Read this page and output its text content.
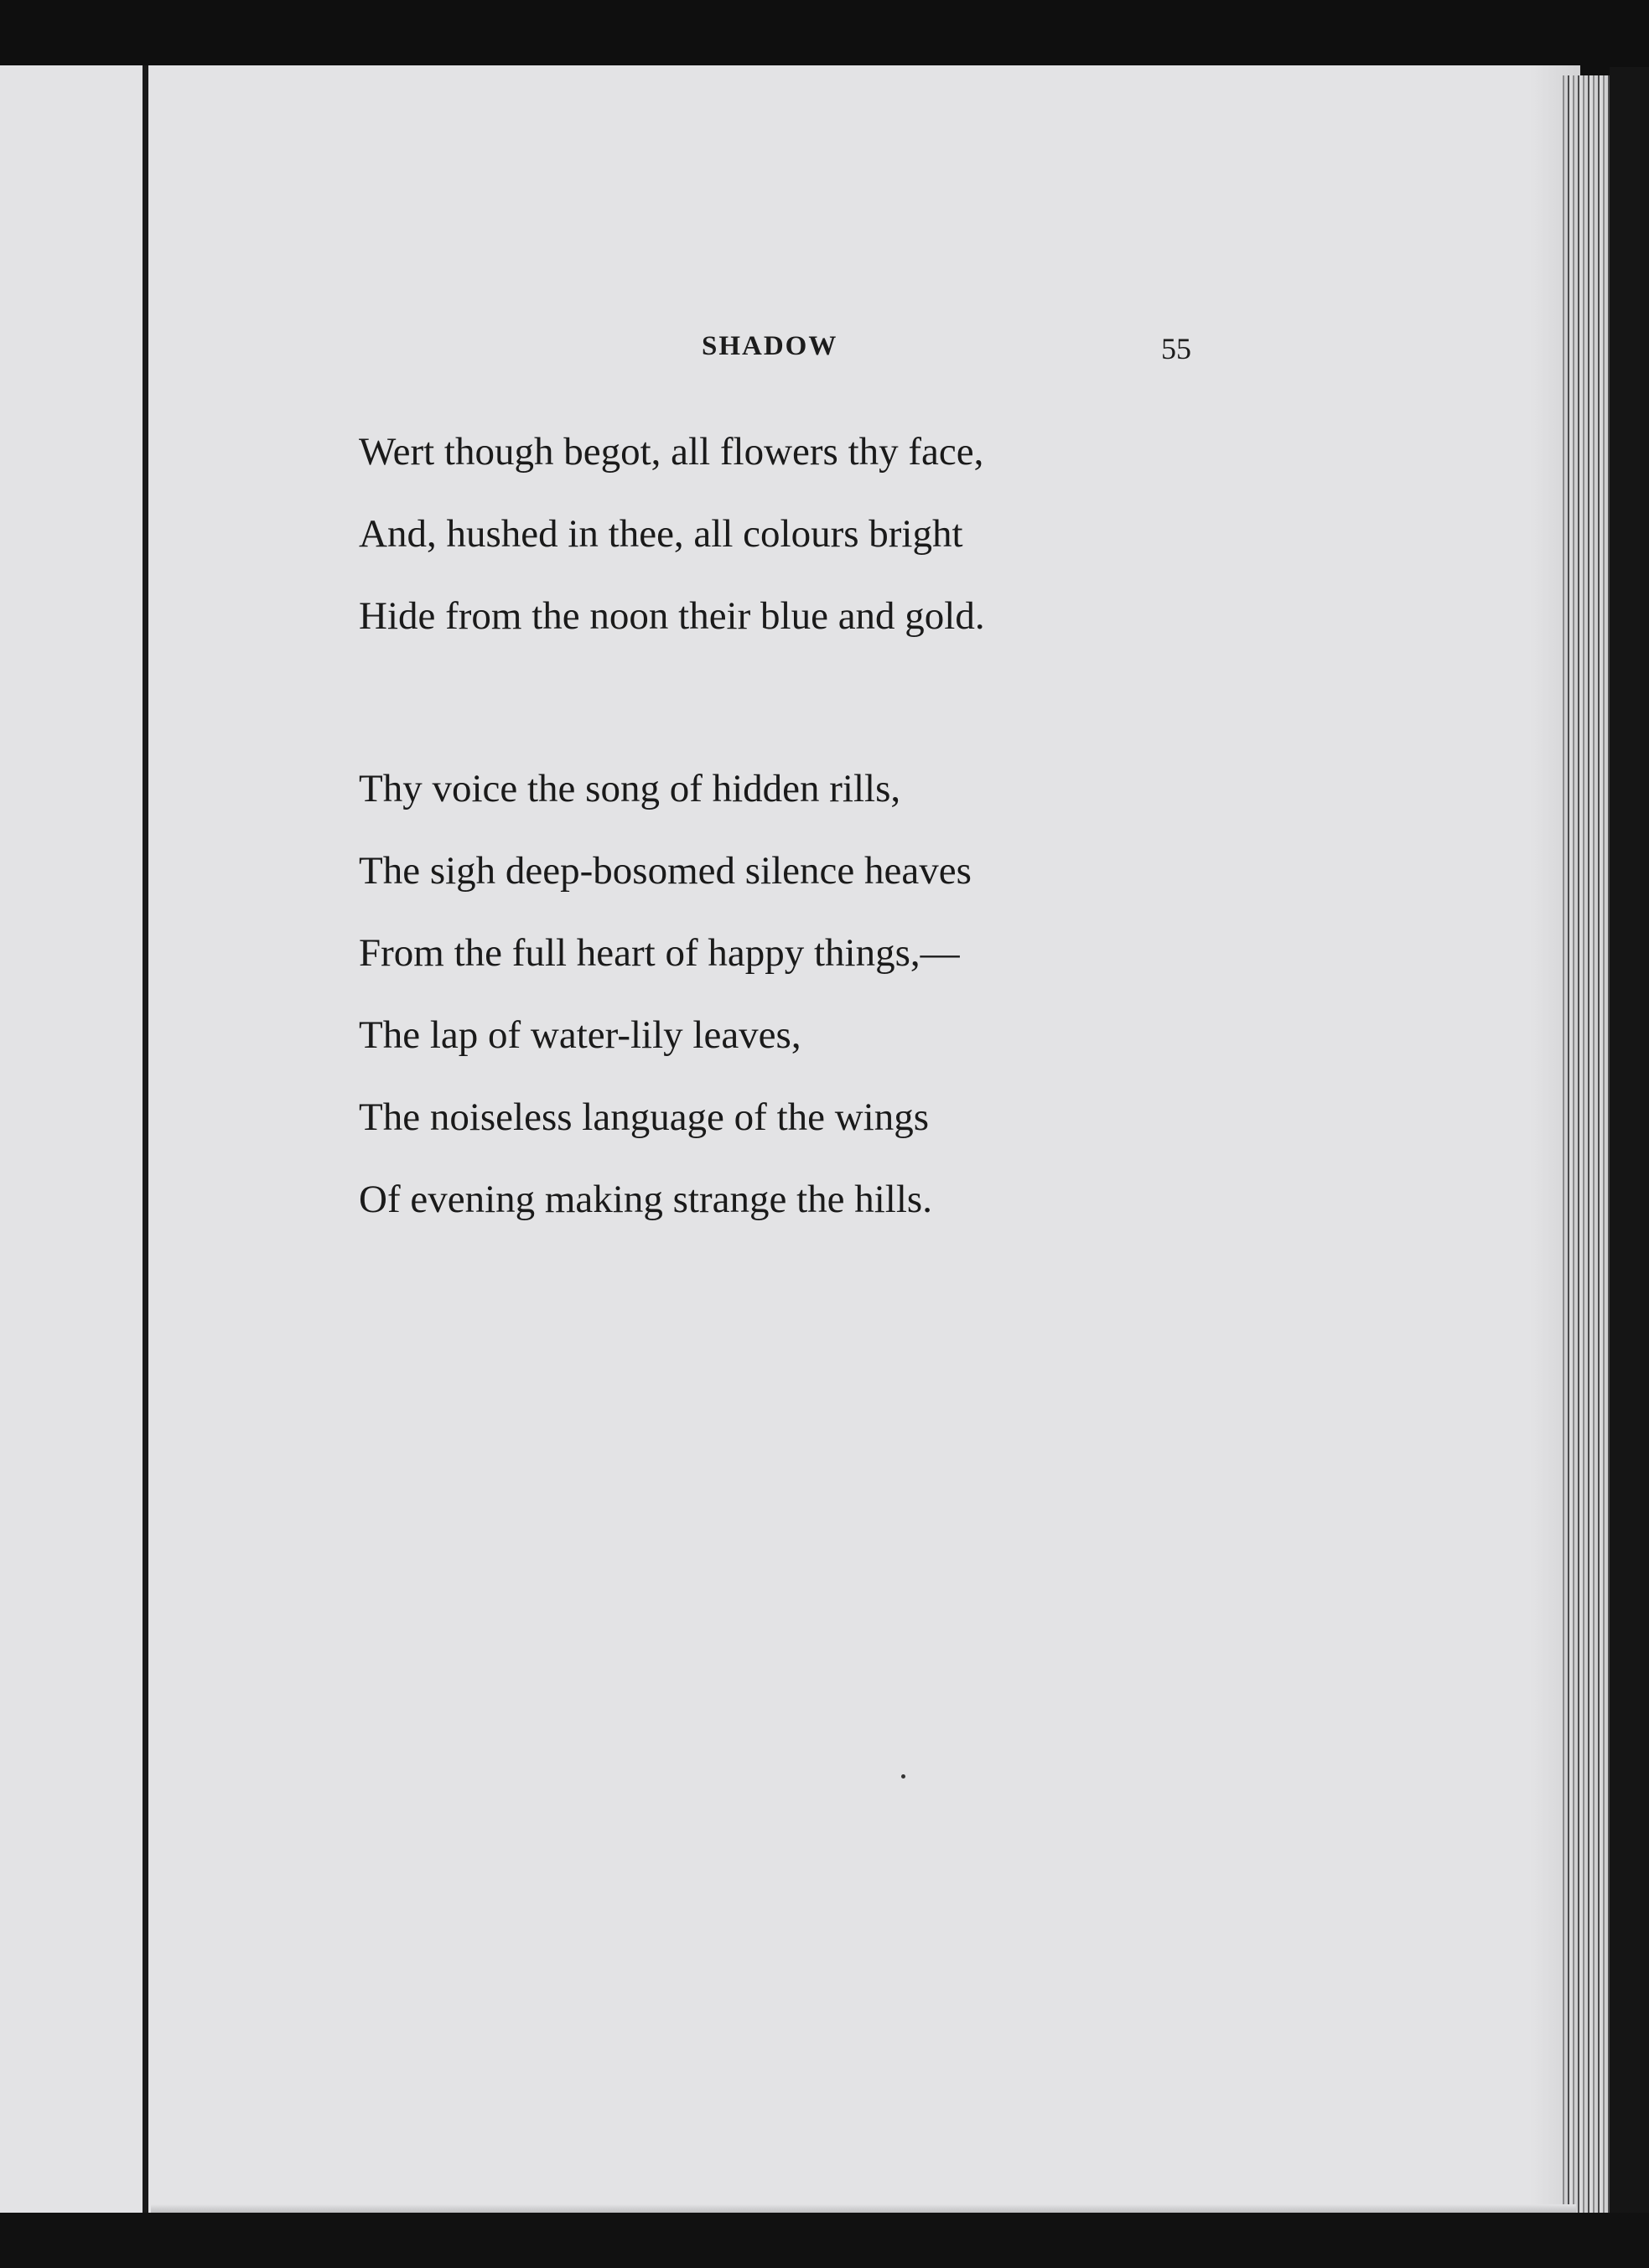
SHADOW	55
Wert though begot, all flowers thy face,
And, hushed in thee, all colours bright
Hide from the noon their blue and gold.
Thy voice the song of hidden rills,
The sigh deep-bosomed silence heaves
From the full heart of happy things,—
The lap of water-lily leaves,
The noiseless language of the wings
Of evening making strange the hills.
